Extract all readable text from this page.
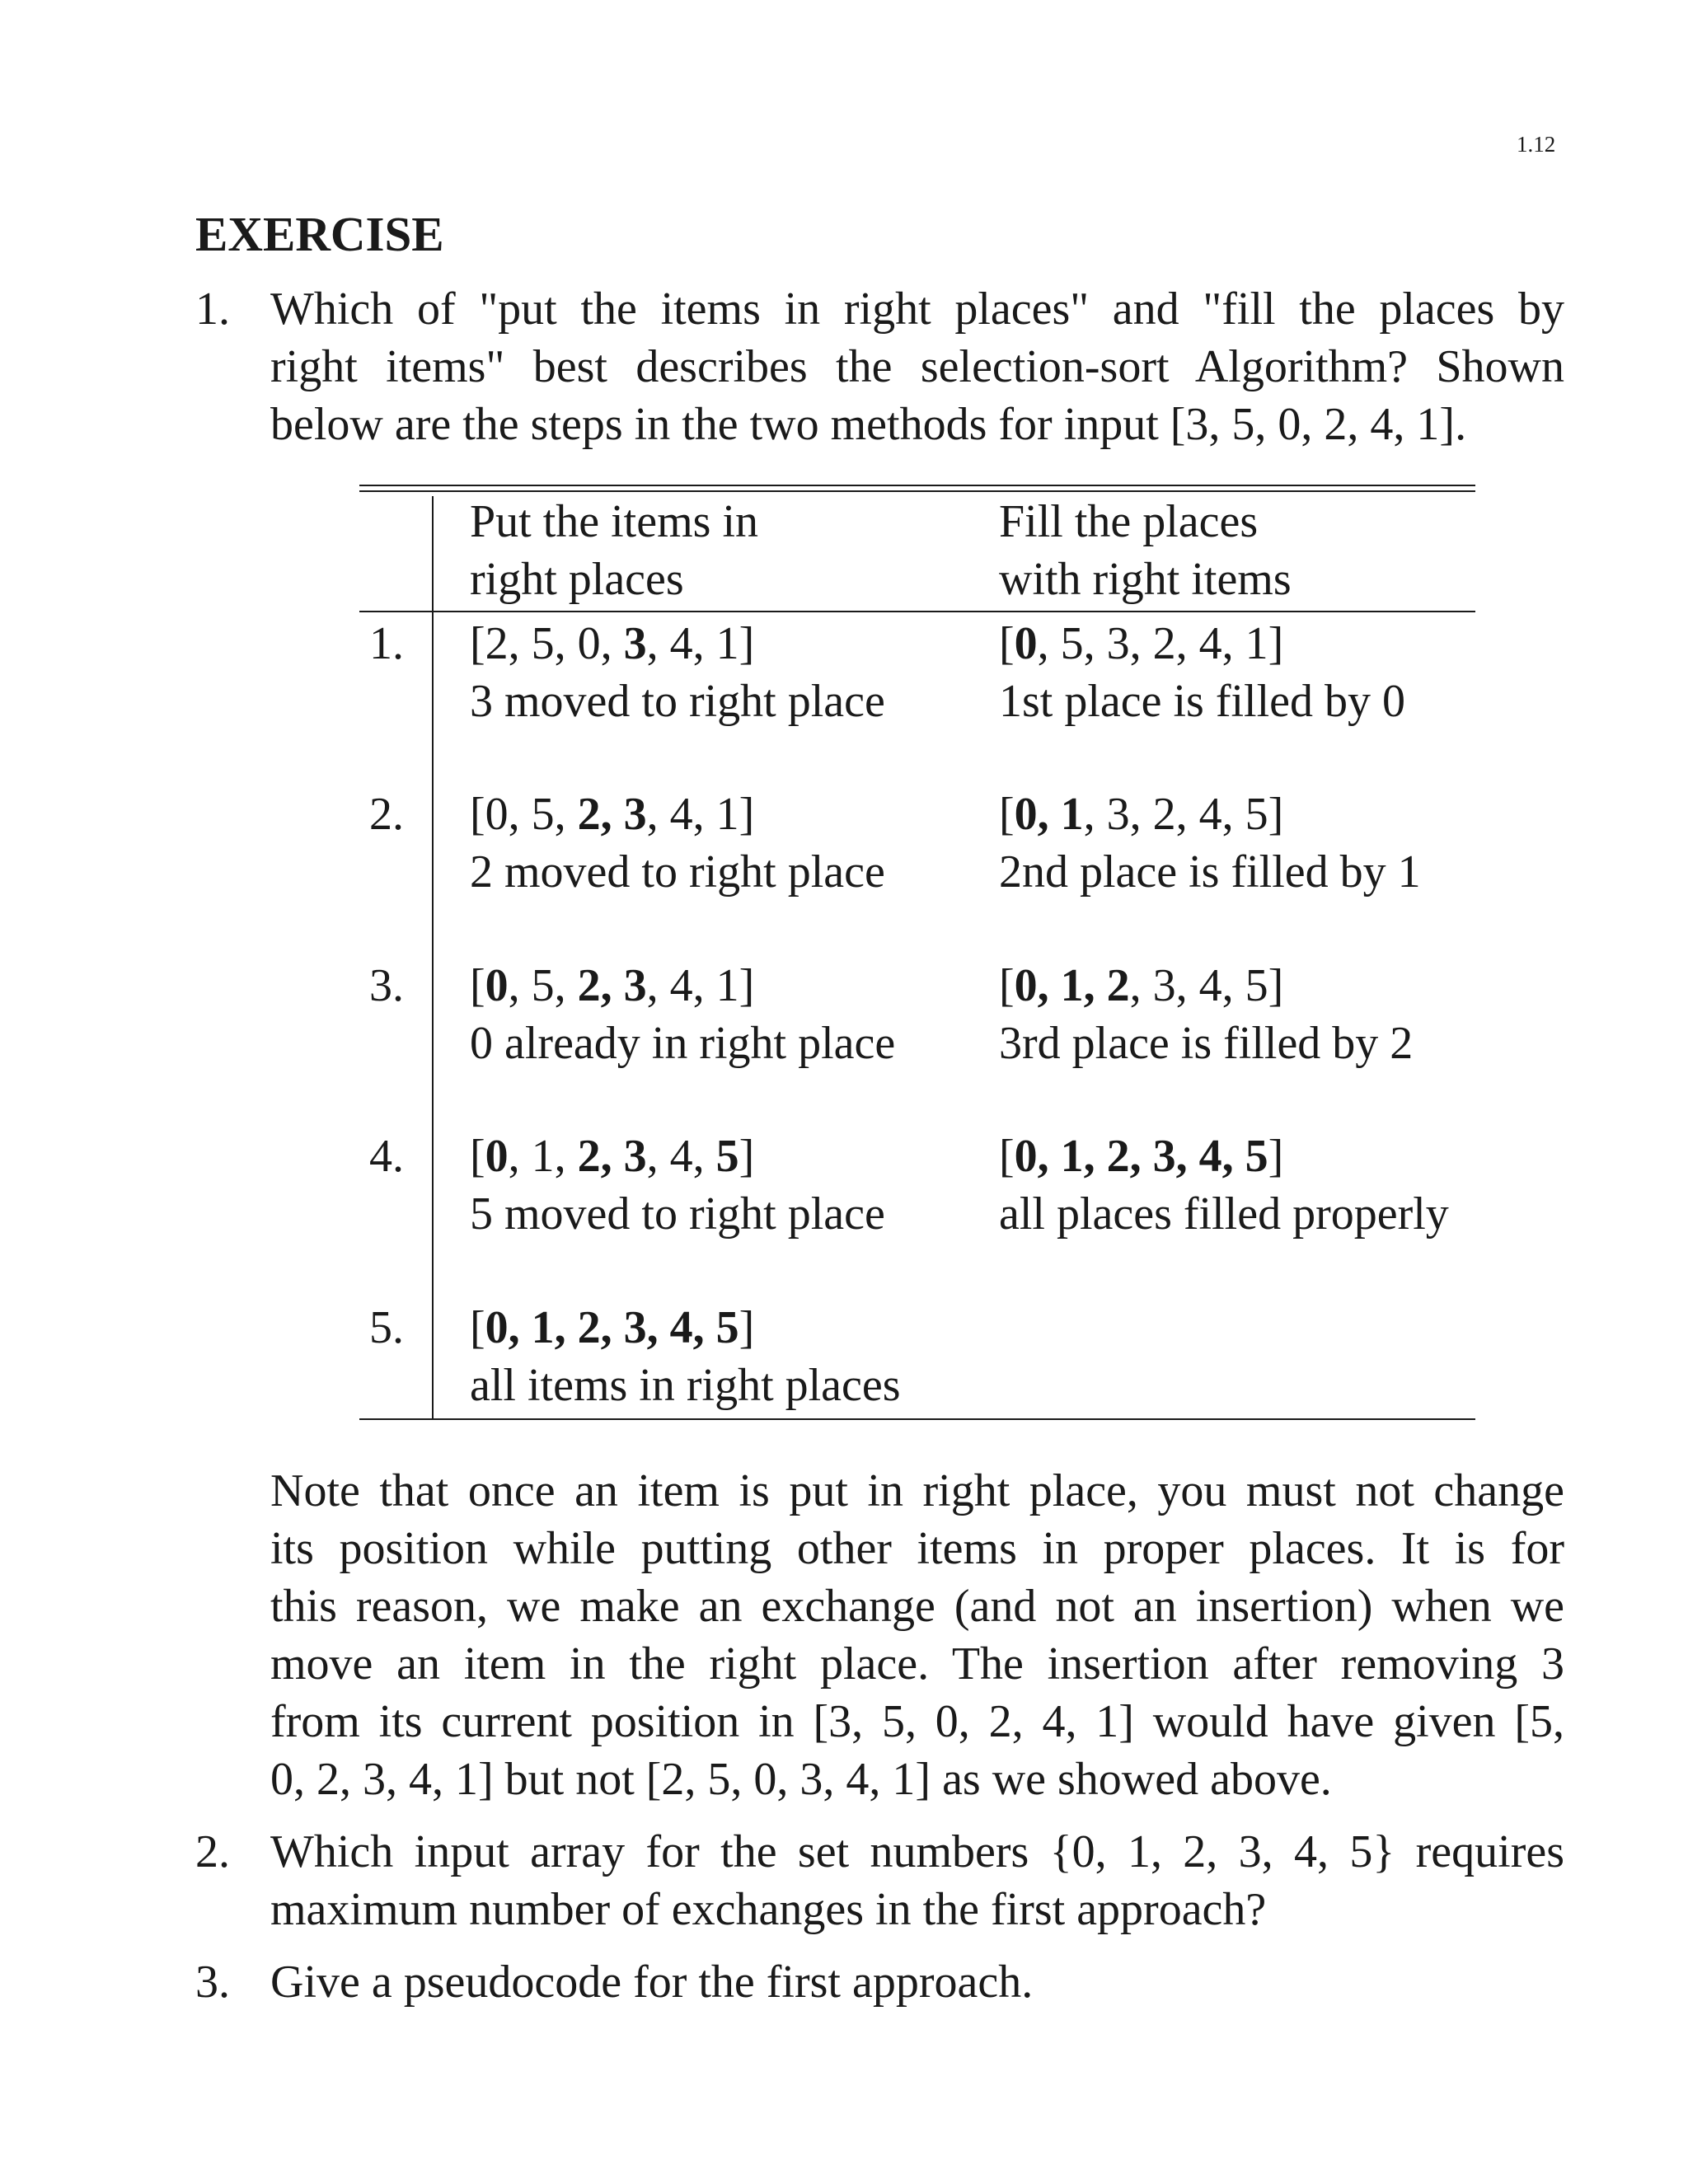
1.12
EXERCISE
1. Which of "put the items in right places" and "fill the places by
right items" best describes the selection-sort Algorithm? Shown
below are the steps in the two methods for input [3, 5, 0, 2, 4, 1].
Put the items in
right places
Fill the places
with right items
1. [2, 5, 0, 3, 4, 1]
3 moved to right place
[0, 5, 3, 2, 4, 1]
1st place is filled by 0
2. [0, 5, 2, 3, 4, 1]
2 moved to right place
[0, 1, 3, 2, 4, 5]
2nd place is filled by 1
3. [0, 5, 2, 3, 4, 1]
0 already in right place
[0, 1, 2, 3, 4, 5]
3rd place is filled by 2
4. [0, 1, 2, 3, 4, 5]
5 moved to right place
[0, 1, 2, 3, 4, 5]
all places filled properly
5. [0, 1, 2, 3, 4, 5]
all items in right places
Note that once an item is put in right place, you must not change
its position while putting other items in proper places. It is for
this reason, we make an exchange (and not an insertion) when we
move an item in the right place. The insertion after removing 3
from its current position in [3, 5, 0, 2, 4, 1] would have given [5,
0, 2, 3, 4, 1] but not [2, 5, 0, 3, 4, 1] as we showed above.
2. Which input array for the set numbers {0, 1, 2, 3, 4, 5} requires
maximum number of exchanges in the first approach?
3. Give a pseudocode for the first approach.
